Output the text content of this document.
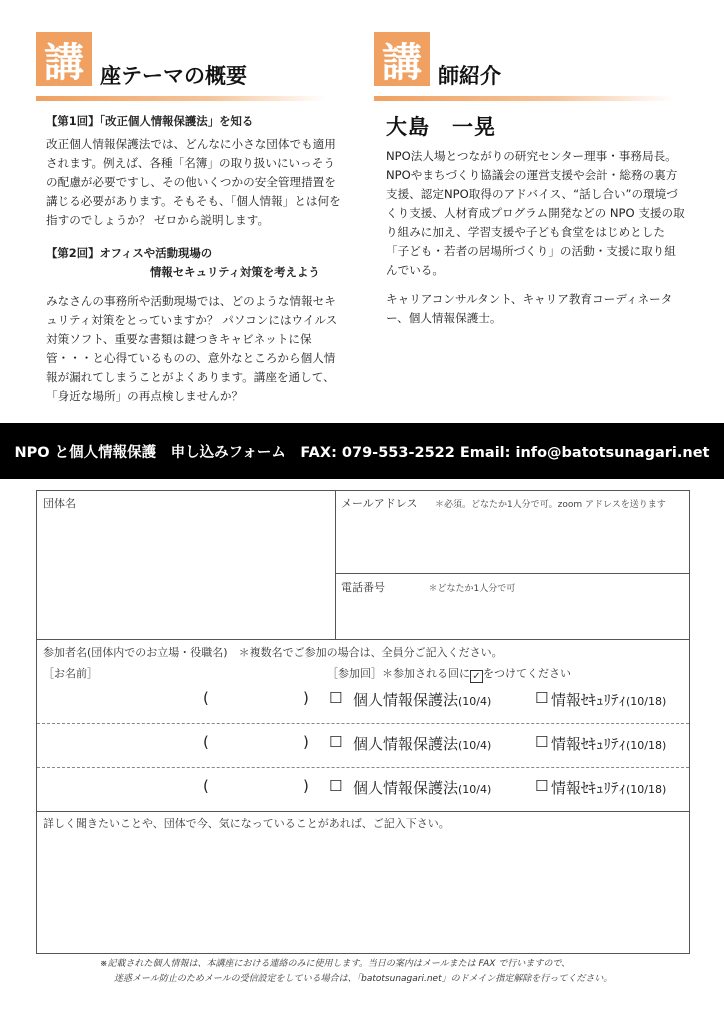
講 座テーマの概要	講 師紹介
【第1回】「改正個人情報保護法」を知る

改正個人情報保護法では、どんなに小さな団体でも適用されます。例えば、各種「名簿」の取り扱いにいっそうの配慮が必要ですし、その他いくつかの安全管理措置を講じる必要があります。そもそも、「個人情報」とは何を指すのでしょうか？ ゼロから説明します。

【第2回】オフィスや活動現場の
情報セキュリティ対策を考えよう

みなさんの事務所や活動現場では、どのような情報セキュリティ対策をとっていますか？ パソコンにはウイルス対策ソフト、重要な書類は鍵つきキャビネットに保管・・・と心得ているものの、意外なところから個人情報が漏れてしまうことがよくあります。講座を通して、「身近な場所」の再点検しませんか？

大島　一晃

NPO法人場とつながりの研究センター理事・事務局長。NPOやまちづくり協議会の運営支援や会計・総務の裏方支援、認定NPO取得のアドバイス、“話し合い”の環境づくり支援、人材育成プログラム開発などの NPO 支援の取り組みに加え、学習支援や子ども食堂をはじめとした「子ども・若者の居場所づくり」の活動・支援に取り組んでいる。

キャリアコンサルタント、キャリア教育コーディネーター、個人情報保護士。

NPO と個人情報保護　申し込みフォーム　FAX: 079-553-2522 Email: info@batotsunagari.net
団体名	メールアドレス ＊必須。どなたか1人分で可。zoom アドレスを送ります
電話番号	＊どなたか1人分で可
参加者名(団体内でのお立場・役職名)　＊複数名でご参加の場合は、全員分ご記入ください。
［お名前］	［参加回］＊参加される回に ✓ をつけてください
(	) ☐ 個人情報保護法(10/4)	☐ 情報ｾｷｭﾘﾃｨ(10/18)
(	) ☐ 個人情報保護法(10/4)	☐ 情報ｾｷｭﾘﾃｨ(10/18)
(	) ☐ 個人情報保護法(10/4)	☐ 情報ｾｷｭﾘﾃｨ(10/18)
詳しく聞きたいことや、団体で今、気になっていることがあれば、ご記入下さい。
※記載された個人情報は、本講座における連絡のみに使用します。当日の案内はメールまたは FAX で行いますので、
迷惑メール防止のためメールの受信設定をしている場合は、「batotsunagari.net」のドメイン指定解除を行ってください。
